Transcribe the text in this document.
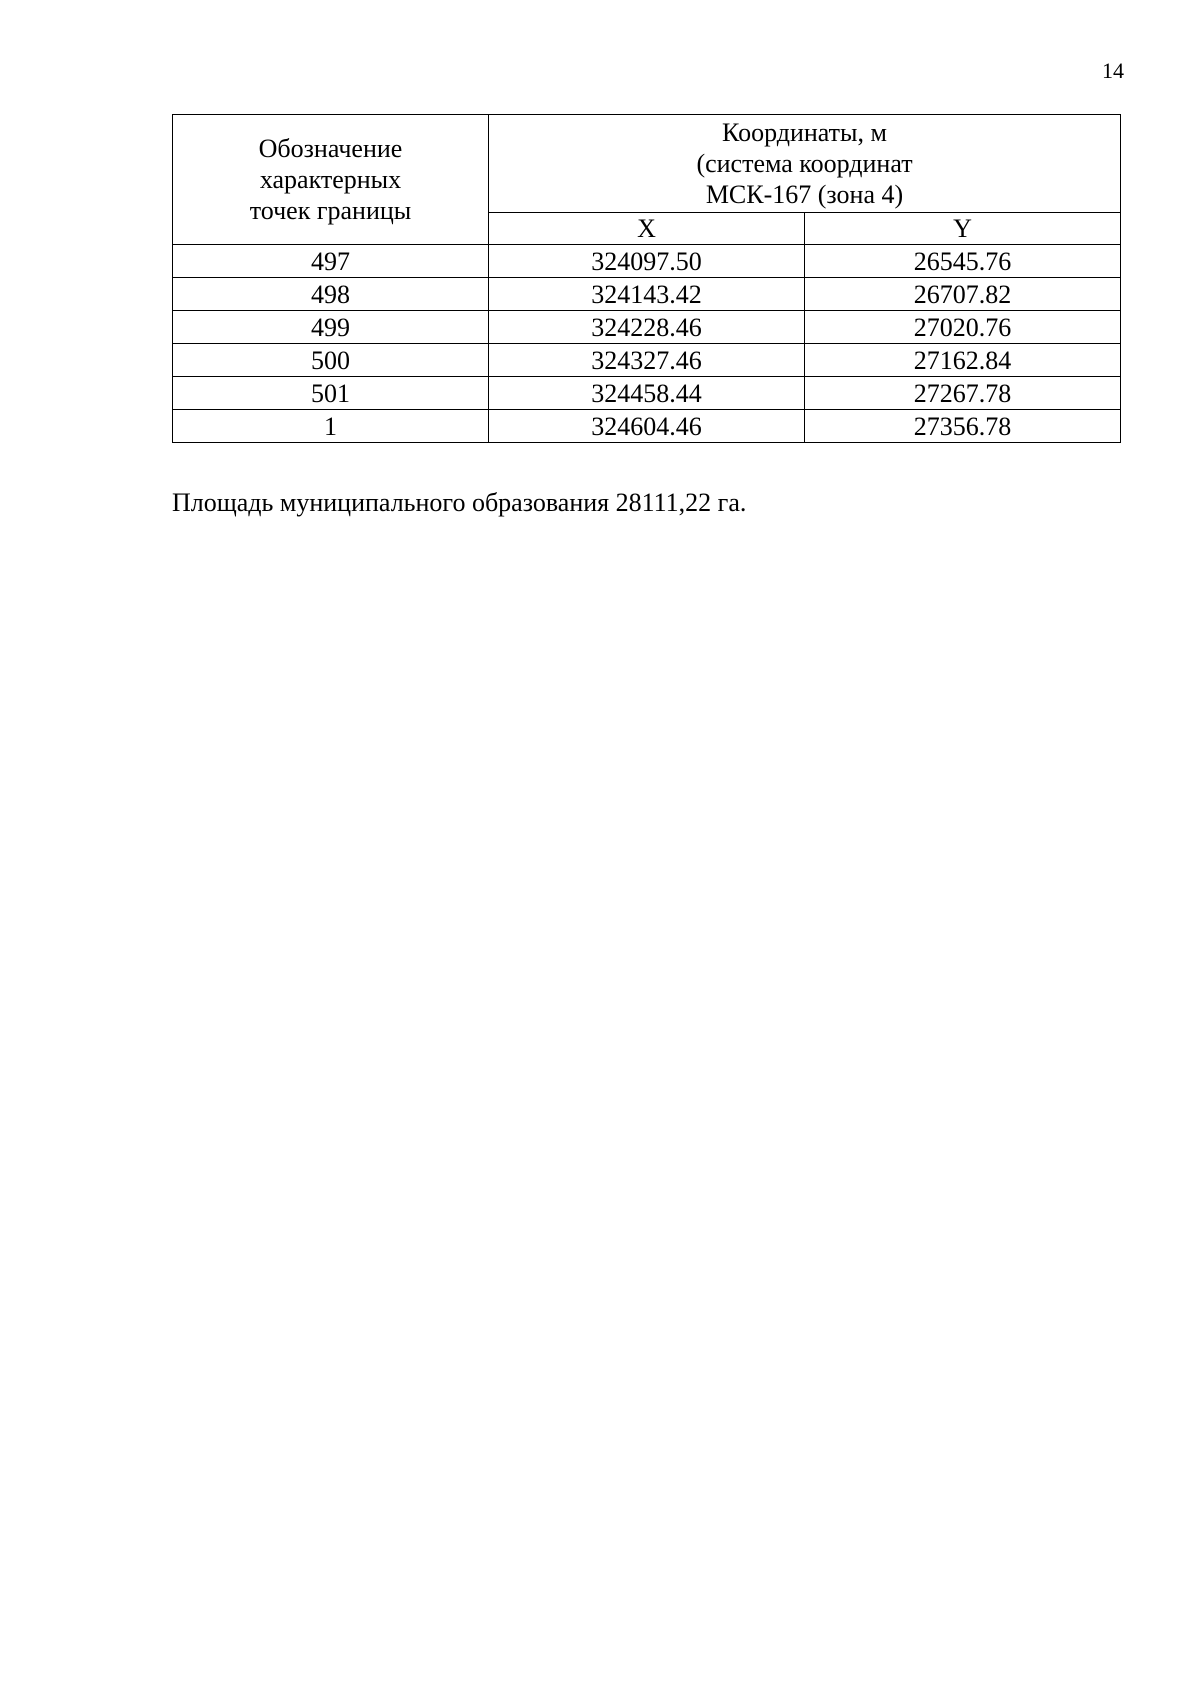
14
Обозначение
характерных
точек границы	Координаты, м
(система координат
МСК-167 (зона 4)	

	X	Y
497	324097.50	26545.76
498	324143.42	26707.82
499	324228.46	27020.76
500	324327.46	27162.84
501	324458.44	27267.78
1	324604.46	27356.78
Площадь муниципального образования 28111,22 га.
